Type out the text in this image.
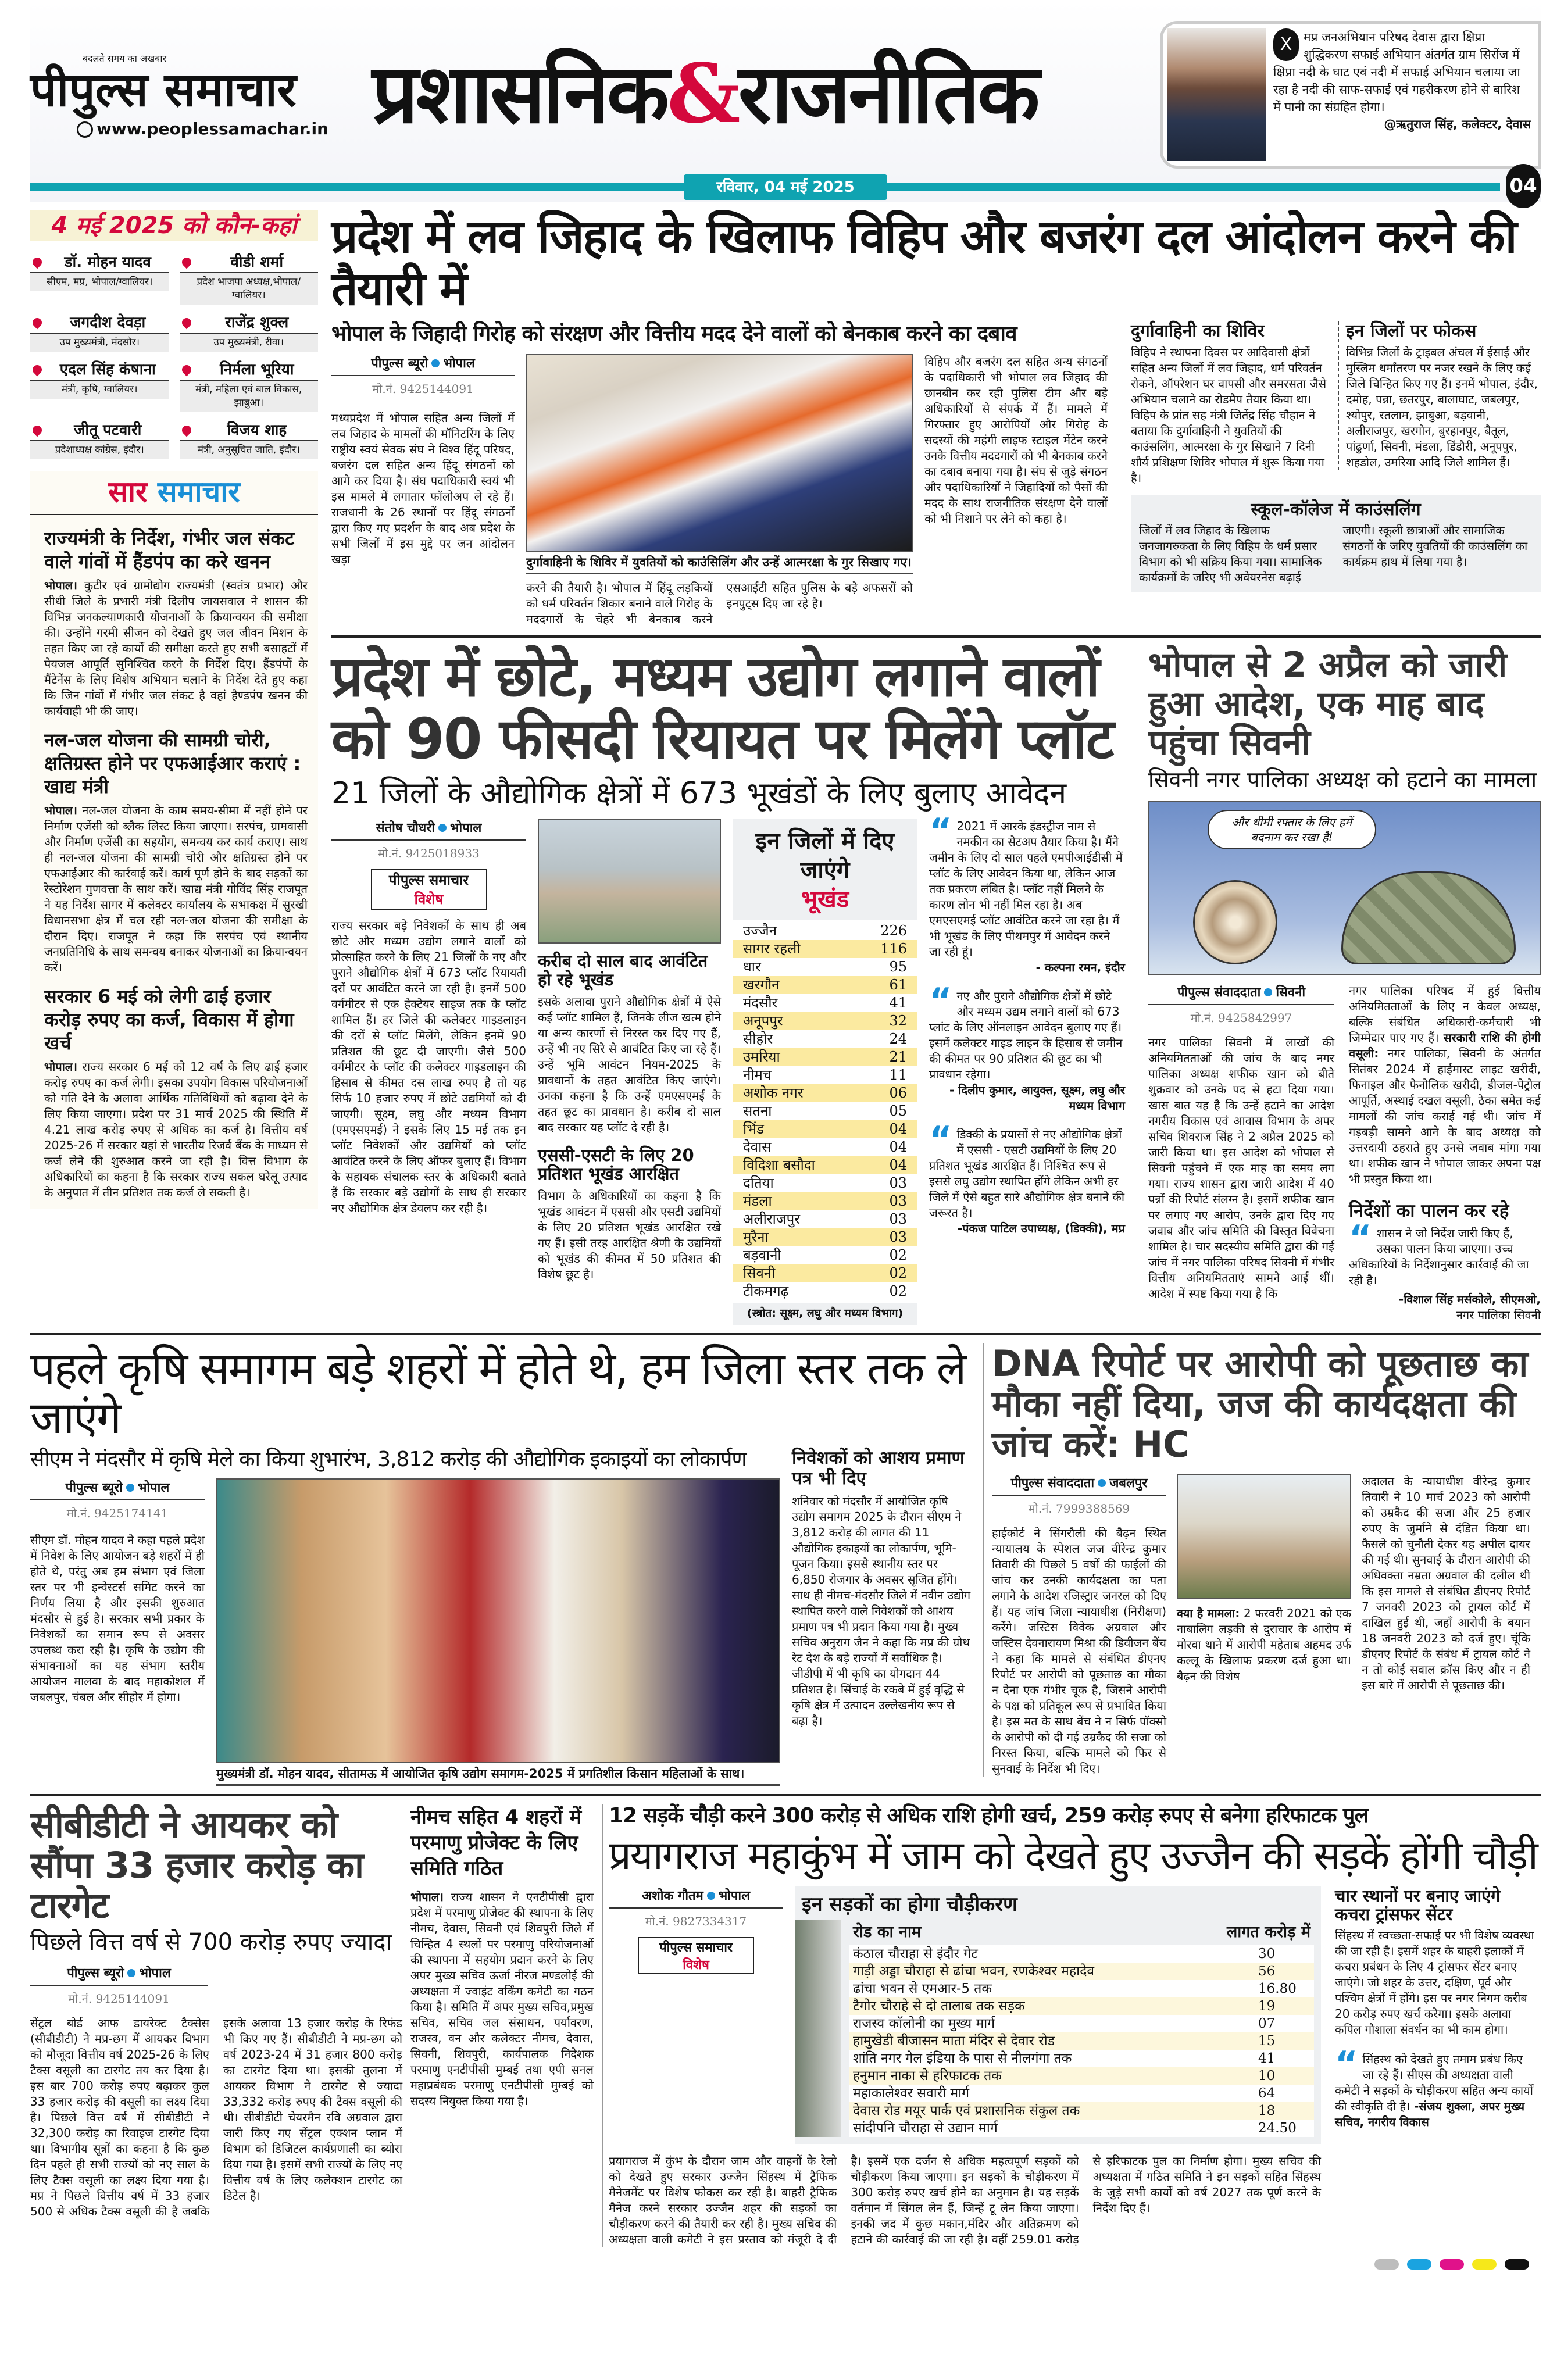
बदलते समय का अखबार
पीपुल्स समाचार
www.peoplessamachar.in प्रशासनिक & राजनीतिक
X मप्र जनअभियान परिषद देवास द्वारा क्षिप्रा शुद्धिकरण सफाई अभियान अंतर्गत ग्राम सिरोंज में क्षिप्रा नदी के घाट एवं नदी में सफाई अभियान चलाया जा रहा है नदी की साफ-सफाई एवं गहरीकरण होने से बारिश में पानी का संग्रहित होगा।
@ऋतुराज सिंह, कलेक्टर, देवास
रविवार, 04 मई 2025	04
4 मई 2025 को कौन-कहां
डॉ. मोहन यादव
सीएम, मप्र, भोपाल/ग्वालियर।
वीडी शर्मा
प्रदेश भाजपा अध्यक्ष,भोपाल/ग्वालियर।
जगदीश देवड़ा
उप मुख्यमंत्री, मंदसौर।
राजेंद्र शुक्ल
उप मुख्यमंत्री, रीवा।
एदल सिंह कंषाना
मंत्री, कृषि, ग्वालियर।
निर्मला भूरिया
मंत्री, महिला एवं बाल विकास, झाबुआ।
जीतू पटवारी
प्रदेशाध्यक्ष कांग्रेस, इंदौर।
विजय शाह
मंत्री, अनुसूचित जाति, इंदौर।
सार समाचार
राज्यमंत्री के निर्देश, गंभीर जल संकट वाले गांवों में हैंडपंप का करे खनन

भोपाल। कुटीर एवं ग्रामोद्योग राज्यमंत्री (स्वतंत्र प्रभार) और सीधी जिले के प्रभारी मंत्री दिलीप जायसवाल ने शासन की विभिन्न जनकल्याणकारी योजनाओं के क्रियान्वयन की समीक्षा की। उन्होंने गरमी सीजन को देखते हुए जल जीवन मिशन के तहत किए जा रहे कार्यों की समीक्षा करते हुए सभी बसाहटों में पेयजल आपूर्ति सुनिश्चित करने के निर्देश दिए। हैंडपंपों के मैंटेनेंस के लिए विशेष अभियान चलाने के निर्देश देते हुए कहा कि जिन गांवों में गंभीर जल संकट है वहां हैण्डपंप खनन की कार्यवाही भी की जाए।

नल-जल योजना की सामग्री चोरी, क्षतिग्रस्त होने पर एफआईआर कराएं : खाद्य मंत्री

भोपाल। नल-जल योजना के काम समय-सीमा में नहीं होने पर निर्माण एजेंसी को ब्लैक लिस्ट किया जाएगा। सरपंच, ग्रामवासी और निर्माण एजेंसी का सहयोग, समन्वय कर कार्य कराए। साथ ही नल-जल योजना की सामग्री चोरी और क्षतिग्रस्त होने पर एफआईआर की कार्रवाई करें। कार्य पूर्ण होने के बाद सड़कों का रेस्टोरेशन गुणवत्ता के साथ करें। खाद्य मंत्री गोविंद सिंह राजपूत ने यह निर्देश सागर में कलेक्टर कार्यालय के सभाकक्ष में सुरखी विधानसभा क्षेत्र में चल रही नल-जल योजना की समीक्षा के दौरान दिए। राजपूत ने कहा कि सरपंच एवं स्थानीय जनप्रतिनिधि के साथ समन्वय बनाकर योजनाओं का क्रियान्वयन करें।

सरकार 6 मई को लेगी ढाई हजार करोड़ रुपए का कर्ज, विकास में होगा खर्च

भोपाल। राज्य सरकार 6 मई को 12 वर्ष के लिए ढाई हजार करोड़ रुपए का कर्ज लेगी। इसका उपयोग विकास परियोजनाओं को गति देने के अलावा आर्थिक गतिविधियों को बढ़ावा देने के लिए किया जाएगा। प्रदेश पर 31 मार्च 2025 की स्थिति में 4.21 लाख करोड़ रुपए से अधिक का कर्ज है। वित्तीय वर्ष 2025-26 में सरकार यहां से भारतीय रिजर्व बैंक के माध्यम से कर्ज लेने की शुरुआत करने जा रही है। वित्त विभाग के अधिकारियों का कहना है कि सरकार राज्य सकल घरेलू उत्पाद के अनुपात में तीन प्रतिशत तक कर्ज ले सकती है।

प्रदेश में लव जिहाद के खिलाफ विहिप और बजरंग दल आंदोलन करने की तैयारी में
भोपाल के जिहादी गिरोह को संरक्षण और वित्तीय मदद देने वालों को बेनकाब करने का दबाव
पीपुल्स ब्यूरो भोपाल
मो.नं. 9425144091

मध्यप्रदेश में भोपाल सहित अन्य जिलों में लव जिहाद के मामलों की मॉनिटरिंग के लिए राष्ट्रीय स्वयं सेवक संघ ने विश्व हिंदू परिषद, बजरंग दल सहित अन्य हिंदू संगठनों को आगे कर दिया है। संघ पदाधिकारी स्वयं भी इस मामले में लगातार फॉलोअप ले रहे हैं। राजधानी के 26 स्थानों पर हिंदू संगठनों द्वारा किए गए प्रदर्शन के बाद अब प्रदेश के सभी जिलों में इस मुद्दे पर जन आंदोलन खड़ा	दुर्गावाहिनी के शिविर में युवतियों को काउंसिलिंग और उन्हें आत्मरक्षा के गुर सिखाए गए।

करने की तैयारी है। भोपाल में हिंदू लड़कियों को धर्म परिवर्तन शिकार बनाने वाले गिरोह के मददगारों के चेहरे भी बेनकाब करने एसआईटी सहित पुलिस के बड़े अफसरों को इनपुट्स दिए जा रहे है।

विहिप और बजरंग दल सहित अन्य संगठनों के पदाधिकारी भी भोपाल लव जिहाद की छानबीन कर रही पुलिस टीम और बड़े अधिकारियों से संपर्क में हैं। मामले में गिरफ्तार हुए आरोपियों और गिरोह के सदस्यों की महंगी लाइफ स्टाइल मेंटेन करने उनके वित्तीय मददगारों को भी बेनकाब करने का दबाव बनाया गया है। संघ से जुड़े संगठन और पदाधिकारियों ने जिहादियों को पैसों की मदद के साथ राजनीतिक संरक्षण देने वालों को भी निशाने पर लेने को कहा है।

दुर्गावाहिनी का शिविर

विहिप ने स्थापना दिवस पर आदिवासी क्षेत्रों सहित अन्य जिलों में लव जिहाद, धर्म परिवर्तन रोकने, ऑपरेशन घर वापसी और समरसता जैसे अभियान चलाने का रोडमैप तैयार किया था। विहिप के प्रांत सह मंत्री जितेंद्र सिंह चौहान ने बताया कि दुर्गावाहिनी ने युवतियों की काउंसलिंग, आत्मरक्षा के गुर सिखाने 7 दिनी शौर्य प्रशिक्षण शिविर भोपाल में शुरू किया गया है।

इन जिलों पर फोकस

विभिन्न जिलों के ट्राइबल अंचल में ईसाई और मुस्लिम धर्मांतरण पर नजर रखने के लिए कई जिले चिन्हित किए गए हैं। इनमें भोपाल, इंदौर, दमोह, पन्ना, छतरपुर, बालाघाट, जबलपुर, श्योपुर, रतलाम, झाबुआ, बड़वानी, अलीराजपुर, खरगोन, बुरहानपुर, बैतूल, पांढुर्णा, सिवनी, मंडला, डिंडौरी, अनूपपुर, शहडोल, उमरिया आदि जिले शामिल हैं।

स्कूल-कॉलेज में काउंसलिंग

जिलों में लव जिहाद के खिलाफ जनजागरुकता के लिए विहिप के धर्म प्रसार विभाग को भी सक्रिय किया गया। सामाजिक कार्यक्रमों के जरिए भी अवेयरनेस बढ़ाई जाएगी। स्कूली छात्राओं और सामाजिक संगठनों के जरिए युवतियों की काउंसलिंग का कार्यक्रम हाथ में लिया गया है।

प्रदेश में छोटे, मध्यम उद्योग लगाने वालों को 90 फीसदी रियायत पर मिलेंगे प्लॉट
21 जिलों के औद्योगिक क्षेत्रों में 673 भूखंडों के लिए बुलाए आवेदन
संतोष चौधरी भोपाल
मो.नं. 9425018933
पीपुल्स समाचार
विशेष

राज्य सरकार बड़े निवेशकों के साथ ही अब छोटे और मध्यम उद्योग लगाने वालों को प्रोत्साहित करने के लिए 21 जिलों के नए और पुराने औद्योगिक क्षेत्रों में 673 प्लॉट रियायती दरों पर आवंटित करने जा रही है। इनमें 500 वर्गमीटर से एक हेक्टेयर साइज तक के प्लॉट शामिल हैं। हर जिले की कलेक्टर गाइडलाइन की दरों से प्लॉट मिलेंगे, लेकिन इनमें 90 प्रतिशत की छूट दी जाएगी। जैसे 500 वर्गमीटर के प्लॉट की कलेक्टर गाइडलाइन की हिसाब से कीमत दस लाख रुपए है तो यह सिर्फ 10 हजार रुपए में छोटे उद्यमियों को दी जाएगी। सूक्ष्म, लघु और मध्यम विभाग (एमएसएमई) ने इसके लिए 15 मई तक इन प्लॉट निवेशकों और उद्यमियों को प्लॉट आवंटित करने के लिए ऑफर बुलाए हैं। विभाग के सहायक संचालक स्तर के अधिकारी बताते हैं कि सरकार बड़े उद्योगों के साथ ही सरकार नए औद्योगिक क्षेत्र डेवलप कर रही है।

करीब दो साल बाद आवंटित हो रहे भूखंड

इसके अलावा पुराने औद्योगिक क्षेत्रों में ऐसे कई प्लॉट शामिल हैं, जिनके लीज खत्म होने या अन्य कारणों से निरस्त कर दिए गए हैं, उन्हें भी नए सिरे से आवंटित किए जा रहे हैं। उन्हें भूमि आवंटन नियम-2025 के प्रावधानों के तहत आवंटित किए जाएंगे। उनका कहना है कि उन्हें एमएसएमई के तहत छूट का प्रावधान है। करीब दो साल बाद सरकार यह प्लॉट दे रही है।

एससी-एसटी के लिए 20 प्रतिशत भूखंड आरक्षित

विभाग के अधिकारियों का कहना है कि भूखंड आवंटन में एससी और एसटी उद्यमियों के लिए 20 प्रतिशत भूखंड आरक्षित रखे गए हैं। इसी तरह आरक्षित श्रेणी के उद्यमियों को भूखंड की कीमत में 50 प्रतिशत की विशेष छूट है।

इन जिलों में दिए जाएंगे
भूखंड
उज्जैन	226
सागर रहली	116
धार	95
खरगौन	61
मंदसौर	41
अनूपपुर	32
सीहोर	24
उमरिया	21
नीमच	11
अशोक नगर	06
सतना	05
भिंड	04
देवास	04
विदिशा बसौदा	04
दतिया	03
मंडला	03
अलीराजपुर	03
मुरैना	03
बड़वानी	02
सिवनी	02
टीकमगढ़	02
(स्त्रोत: सूक्ष्म, लघु और मध्यम विभाग)
“ 2021 में आरके इंडस्ट्रीज नाम से नमकीन का सेटअप तैयार किया है। मैंने जमीन के लिए दो साल पहले एमपीआईडीसी में प्लॉट के लिए आवेदन किया था, लेकिन आज तक प्रकरण लंबित है। प्लॉट नहीं मिलने के कारण लोन भी नहीं मिल रहा है। अब एमएसएमई प्लॉट आवंटित करने जा रहा है। मैं भी भूखंड के लिए पीथमपुर में आवेदन करने जा रही हूं।
- कल्पना रमन, इंदौर
“ नए और पुराने औद्योगिक क्षेत्रों में छोटे और मध्यम उद्यम लगाने वालों को 673 प्लांट के लिए ऑनलाइन आवेदन बुलाए गए हैं। इसमें कलेक्टर गाइड लाइन के हिसाब से जमीन की कीमत पर 90 प्रतिशत की छूट का भी प्रावधान रहेगा।
- दिलीप कुमार, आयुक्त, सूक्ष्म, लघु और मध्यम विभाग
“ डिक्की के प्रयासों से नए औद्योगिक क्षेत्रों में एससी - एसटी उद्यमियों के लिए 20 प्रतिशत भूखंड आरक्षित हैं। निश्चित रूप से इससे लघु उद्योग स्थापित होंगे लेकिन अभी हर जिले में ऐसे बहुत सारे औद्योगिक क्षेत्र बनाने की जरूरत है।
-पंकज पाटिल उपाध्यक्ष, (डिक्की), मप्र
भोपाल से 2 अप्रैल को जारी हुआ आदेश, एक माह बाद पहुंचा सिवनी
सिवनी नगर पालिका अध्यक्ष को हटाने का मामला
और धीमी रफ्तार के लिए हमें बदनाम कर रखा है!
पीपुल्स संवाददाता सिवनी
मो.नं. 9425842997

नगर पालिका सिवनी में लाखों की अनियमितताओं की जांच के बाद नगर पालिका अध्यक्ष शफीक खान को बीते शुक्रवार को उनके पद से हटा दिया गया। खास बात यह है कि उन्हें हटाने का आदेश नगरीय विकास एवं आवास विभाग के अपर सचिव शिवराज सिंह ने 2 अप्रैल 2025 को जारी किया था। इस आदेश को भोपाल से सिवनी पहुंचने में एक माह का समय लग गया। राज्य शासन द्वारा जारी आदेश में 40 पन्नों की रिपोर्ट संलग्न है। इसमें शफीक खान पर लगाए गए आरोप, उनके द्वारा दिए गए जवाब और जांच समिति की विस्तृत विवेचना शामिल है। चार सदस्यीय समिति द्वारा की गई जांच में नगर पालिका परिषद सिवनी में गंभीर वित्तीय अनियमितताएं सामने आई थीं। आदेश में स्पष्ट किया गया है कि

नगर पालिका परिषद में हुई वित्तीय अनियमितताओं के लिए न केवल अध्यक्ष, बल्कि संबंधित अधिकारी-कर्मचारी भी जिम्मेदार पाए गए हैं। सरकारी राशि की होगी वसूली: नगर पालिका, सिवनी के अंतर्गत सितंबर 2024 में हाईमास्ट लाइट खरीदी, फिनाइल और फेनोलिक खरीदी, डीजल-पेट्रोल आपूर्ति, अस्थाई दखल वसूली, ठेका समेत कई मामलों की जांच कराई गई थी। जांच में गड़बड़ी सामने आने के बाद अध्यक्ष को उत्तरदायी ठहराते हुए उनसे जवाब मांगा गया था। शफीक खान ने भोपाल जाकर अपना पक्ष भी प्रस्तुत किया था।

निर्देशों का पालन कर रहे

“ शासन ने जो निर्देश जारी किए हैं, उसका पालन किया जाएगा। उच्च अधिकारियों के निर्देशानुसार कार्रवाई की जा रही है।

-विशाल सिंह मर्सकोले, सीएमओ,
नगर पालिका सिवनी
पहले कृषि समागम बड़े शहरों में होते थे, हम जिला स्तर तक ले जाएंगे
सीएम ने मंदसौर में कृषि मेले का किया शुभारंभ, 3,812 करोड़ की औद्योगिक इकाइयों का लोकार्पण
पीपुल्स ब्यूरो भोपाल
मो.नं. 9425174141

सीएम डॉ. मोहन यादव ने कहा पहले प्रदेश में निवेश के लिए आयोजन बड़े शहरों में ही होते थे, परंतु अब हम संभाग एवं जिला स्तर पर भी इन्वेस्टर्स समिट करने का निर्णय लिया है और इसकी शुरुआत मंदसौर से हुई है। सरकार सभी प्रकार के निवेशकों का समान रूप से अवसर उपलब्ध करा रही है। कृषि के उद्योग की संभावनाओं का यह संभाग स्तरीय आयोजन मालवा के बाद महाकोशल में जबलपुर, चंबल और सीहोर में होगा।

मुख्यमंत्री डॉ. मोहन यादव, सीतामऊ में आयोजित कृषि उद्योग समागम-2025 में प्रगतिशील किसान महिलाओं के साथ।
निवेशकों को आशय प्रमाण पत्र भी दिए

शनिवार को मंदसौर में आयोजित कृषि उद्योग समागम 2025 के दौरान सीएम ने 3,812 करोड़ की लागत की 11 औद्योगिक इकाइयों का लोकार्पण, भूमि-पूजन किया। इससे स्थानीय स्तर पर 6,850 रोजगार के अवसर सृजित होंगे। साथ ही नीमच-मंदसौर जिले में नवीन उद्योग स्थापित करने वाले निवेशकों को आशय प्रमाण पत्र भी प्रदान किया गया है। मुख्य सचिव अनुराग जैन ने कहा कि मप्र की ग्रोथ रेट देश के बड़े राज्यों में सर्वाधिक है। जीडीपी में भी कृषि का योगदान 44 प्रतिशत है। सिंचाई के रकबे में हुई वृद्धि से कृषि क्षेत्र में उत्पादन उल्लेखनीय रूप से बढ़ा है।

DNA रिपोर्ट पर आरोपी को पूछताछ का मौका नहीं दिया, जज की कार्यदक्षता की जांच करें: HC
पीपुल्स संवाददाता जबलपुर
मो.नं. 7999388569

हाईकोर्ट ने सिंगरौली की बैढ़न स्थित न्यायालय के स्पेशल जज वीरेन्द्र कुमार तिवारी की पिछले 5 वर्षों की फाईलों की जांच कर उनकी कार्यदक्षता का पता लगाने के आदेश रजिस्ट्रार जनरल को दिए हैं। यह जांच जिला न्यायाधीश (निरीक्षण) करेंगे। जस्टिस विवेक अग्रवाल और जस्टिस देवनारायण मिश्रा की डिवीजन बेंच ने कहा कि मामले से संबंधित डीएनए रिपोर्ट पर आरोपी को पूछताछ का मौका न देना एक गंभीर चूक है, जिसने आरोपी के पक्ष को प्रतिकूल रूप से प्रभावित किया है। इस मत के साथ बेंच ने न सिर्फ पॉक्सो के आरोपी को दी गई उम्रकैद की सजा को निरस्त किया, बल्कि मामले को फिर से सुनवाई के निर्देश भी दिए।

क्या है मामला: 2 फरवरी 2021 को एक नाबालिग लड़की से दुराचार के आरोप में मोरवा थाने में आरोपी महेताब अहमद उर्फ कल्लू के खिलाफ प्रकरण दर्ज हुआ था। बैढ़न की विशेष

अदालत के न्यायाधीश वीरेन्द्र कुमार तिवारी ने 10 मार्च 2023 को आरोपी को उम्रकैद की सजा और 25 हजार रुपए के जुर्माने से दंडित किया था। फैसले को चुनौती देकर यह अपील दायर की गई थी। सुनवाई के दौरान आरोपी की अधिवक्ता नम्रता अग्रवाल की दलील थी कि इस मामले से संबंधित डीएनए रिपोर्ट 7 जनवरी 2023 को ट्रायल कोर्ट में दाखिल हुई थी, जहाँ आरोपी के बयान 18 जनवरी 2023 को दर्ज हुए। चूंकि डीएनए रिपोर्ट के संबंध में ट्रायल कोर्ट ने न तो कोई सवाल क्रॉस किए और न ही इस बारे में आरोपी से पूछताछ की।

सीबीडीटी ने आयकर को सौंपा 33 हजार करोड़ का टारगेट
पिछले वित्त वर्ष से 700 करोड़ रुपए ज्यादा
पीपुल्स ब्यूरो भोपाल
मो.नं. 9425144091

सेंट्रल बोर्ड आफ डायरेक्ट टैक्सेस (सीबीडीटी) ने मप्र-छग में आयकर विभाग को मौजूदा वित्तीय वर्ष 2025-26 के लिए टैक्स वसूली का टारगेट तय कर दिया है। इस बार 700 करोड़ रुपए बढ़ाकर कुल 33 हजार करोड़ की वसूली का लक्ष्य दिया है। पिछले वित्त वर्ष में सीबीडीटी ने 32,300 करोड़ का रिवाइज टारगेट दिया था। विभागीय सूत्रों का कहना है कि कुछ दिन पहले ही सभी राज्यों को नए साल के लिए टैक्स वसूली का लक्ष्य दिया गया है। मप्र ने पिछले वित्तीय वर्ष में 33 हजार 500 से अधिक टैक्स वसूली की है जबकि इसके अलावा 13 हजार करोड़ के रिफंड भी किए गए हैं। सीबीडीटी ने मप्र-छग को वर्ष 2023-24 में 31 हजार 800 करोड़ का टारगेट दिया था। इसकी तुलना में आयकर विभाग ने टारगेट से ज्यादा 33,332 करोड़ रुपए की टैक्स वसूली की थी। सीबीडीटी चेयरमैन रवि अग्रवाल द्वारा जारी किए गए सेंट्रल एक्शन प्लान में विभाग को डिजिटल कार्यप्रणाली का ब्योरा दिया गया है। इसमें सभी राज्यों के लिए नए वित्तीय वर्ष के लिए कलेक्शन टारगेट का डिटेल है।

नीमच सहित 4 शहरों में परमाणु प्रोजेक्ट के लिए समिति गठित

भोपाल। राज्य शासन ने एनटीपीसी द्वारा प्रदेश में परमाणु प्रोजेक्ट की स्थापना के लिए नीमच, देवास, सिवनी एवं शिवपुरी जिले में चिन्हित 4 स्थलों पर परमाणु परियोजनाओं की स्थापना में सहयोग प्रदान करने के लिए अपर मुख्य सचिव ऊर्जा नीरज मण्डलोई की अध्यक्षता में ज्वाइंट वर्किंग कमेटी का गठन किया है। समिति में अपर मुख्य सचिव,प्रमुख सचिव, सचिव जल संसाधन, पर्यावरण, राजस्व, वन और कलेक्टर नीमच, देवास, सिवनी, शिवपुरी, कार्यपालक निदेशक परमाणु एनटीपीसी मुम्बई तथा एपी सनल महाप्रबंधक परमाणु एनटीपीसी मुम्बई को सदस्य नियुक्त किया गया है।

12 सड़कें चौड़ी करने 300 करोड़ से अधिक राशि होगी खर्च, 259 करोड़ रुपए से बनेगा हरिफाटक पुल
प्रयागराज महाकुंभ में जाम को देखते हुए उज्जैन की सड़कें होंगी चौड़ी
अशोक गौतम भोपाल
मो.नं. 9827334317
पीपुल्स समाचार
विशेष
इन सड़कों का होगा चौड़ीकरण
रोड का नाम	लागत करोड़ में
कंठाल चौराहा से इंदौर गेट	30
गाड़ी अड्डा चौराहा से ढांचा भवन, रणकेश्वर महादेव	56
ढांचा भवन से एमआर-5 तक	16.80
टैगोर चौराहे से दो तालाब तक सड़क	19
राजस्व कॉलोनी का मुख्य मार्ग	07
हामुखेडी बीजासन माता मंदिर से देवार रोड	15
शांति नगर गेल इंडिया के पास से नीलगंगा तक	41
हनुमान नाका से हरिफाटक तक	10
महाकालेश्वर सवारी मार्ग	64
देवास रोड मयूर पार्क एवं प्रशासनिक संकुल तक	18
सांदीपनि चौराहा से उद्यान मार्ग	24.50

प्रयागराज में कुंभ के दौरान जाम और वाहनों के रेलो को देखते हुए सरकार उज्जैन सिंहस्थ में ट्रैफिक मैनेजमेंट पर विशेष फोकस कर रही है। बाहरी ट्रैफिक मैनेज करने सरकार उज्जैन शहर की सड़कों का चौड़ीकरण करने की तैयारी कर रही है। मुख्य सचिव की अध्यक्षता वाली कमेटी ने इस प्रस्ताव को मंजूरी दे दी है। इसमें एक दर्जन से अधिक महत्वपूर्ण सड़कों को चौड़ीकरण किया जाएगा। इन सड़कों के चौड़ीकरण में 300 करोड़ रुपए खर्च होने का अनुमान है। यह सड़कें वर्तमान में सिंगल लेन हैं, जिन्हें टू लेन किया जाएगा। इनकी जद में कुछ मकान,मंदिर और अतिक्रमण को हटाने की कार्रवाई की जा रही है। वहीं 259.01 करोड़ से हरिफाटक पुल का निर्माण होगा। मुख्य सचिव की अध्यक्षता में गठित समिति ने इन सड़कों सहित सिंहस्थ के जुड़े सभी कार्यों को वर्ष 2027 तक पूर्ण करने के निर्देश दिए हैं।

चार स्थानों पर बनाए जाएंगे कचरा ट्रांसफर सेंटर

सिंहस्थ में स्वच्छता-सफाई पर भी विशेष व्यवस्था की जा रही है। इसमें शहर के बाहरी इलाकों में कचरा प्रबंधन के लिए 4 ट्रांसफर सेंटर बनाए जाएंगे। जो शहर के उत्तर, दक्षिण, पूर्व और पश्चिम क्षेत्रों में होंगे। इस पर नगर निगम करीब 20 करोड़ रुपए खर्च करेगा। इसके अलावा कपिल गौशाला संवर्धन का भी काम होगा।

“ सिंहस्थ को देखते हुए तमाम प्रबंध किए जा रहे हैं। सीएस की अध्यक्षता वाली कमेटी ने सड़कों के चौड़ीकरण सहित अन्य कार्यों की स्वीकृति दी है। -संजय शुक्ला, अपर मुख्य सचिव, नगरीय विकास
